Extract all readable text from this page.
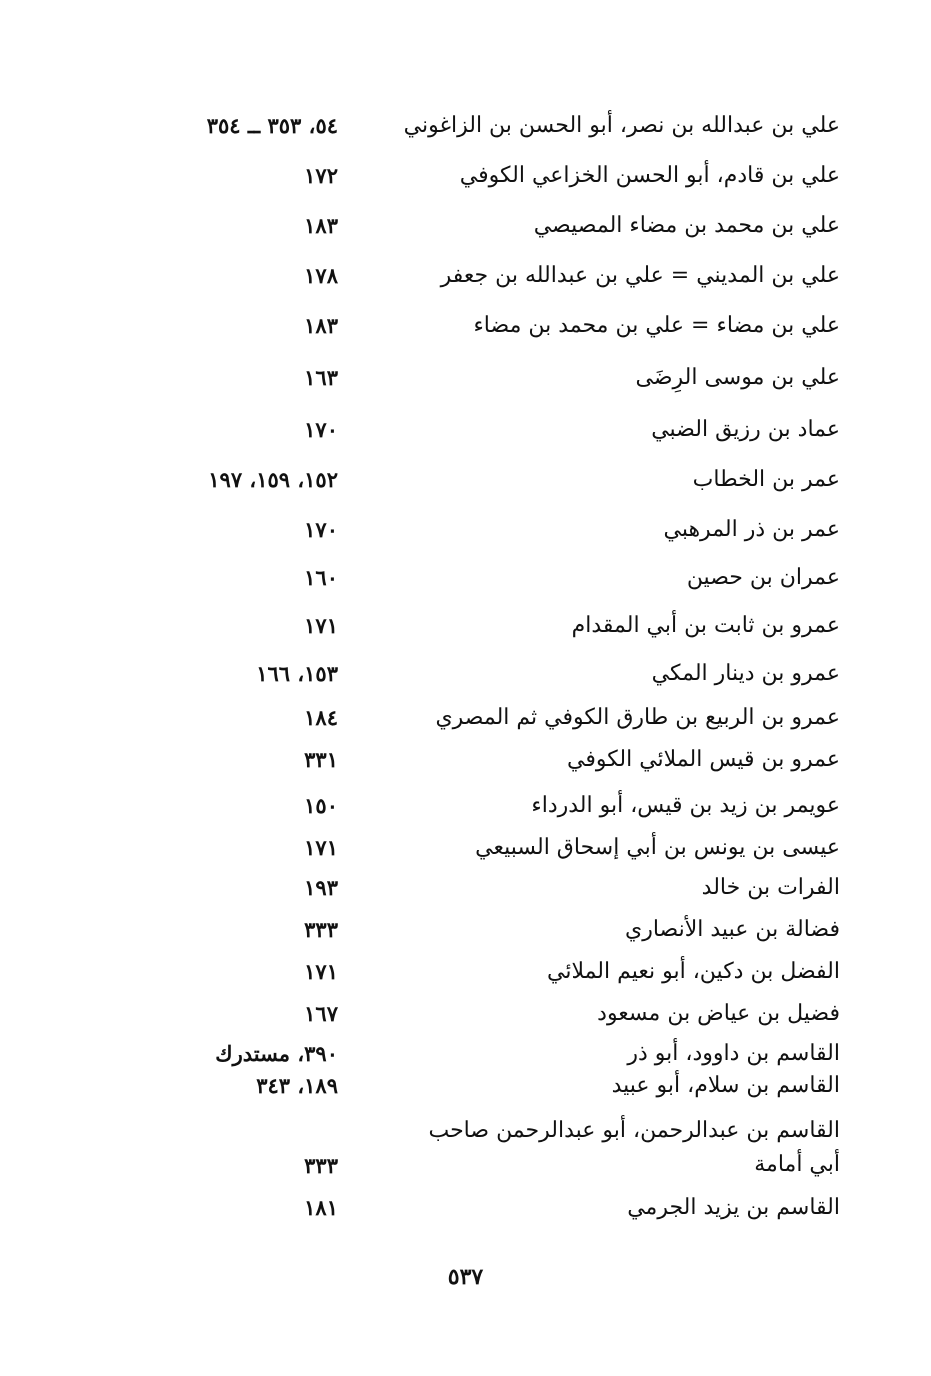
علي بن عبدالله بن نصر، أبو الحسن بن الزاغوني
٥٤، ٣٥٣ ــ ٣٥٤
علي بن قادم، أبو الحسن الخزاعي الكوفي
١٧٢
علي بن محمد بن مضاء المصيصي
١٨٣
علي بن المديني = علي بن عبدالله بن جعفر
١٧٨
علي بن مضاء = علي بن محمد بن مضاء
١٨٣
علي بن موسى الرِضَى
١٦٣
عماد بن رزيق الضبي
١٧٠
عمر بن الخطاب
١٥٢، ١٥٩، ١٩٧
عمر بن ذر المرهبي
١٧٠
عمران بن حصين
١٦٠
عمرو بن ثابت بن أبي المقدام
١٧١
عمرو بن دينار المكي
١٥٣، ١٦٦
عمرو بن الربيع بن طارق الكوفي ثم المصري
١٨٤
عمرو بن قيس الملائي الكوفي
٣٣١
عويمر بن زيد بن قيس، أبو الدرداء
١٥٠
عيسى بن يونس بن أبي إسحاق السبيعي
١٧١
الفرات بن خالد
١٩٣
فضالة بن عبيد الأنصاري
٣٣٣
الفضل بن دكين، أبو نعيم الملائي
١٧١
فضيل بن عياض بن مسعود
١٦٧
القاسم بن داوود، أبو ذر
٣٩٠، مستدرك
القاسم بن سلام، أبو عبيد
١٨٩، ٣٤٣
القاسم بن عبدالرحمن، أبو عبدالرحمن صاحب أبي أمامة
٣٣٣
القاسم بن يزيد الجرمي
١٨١
٥٣٧
